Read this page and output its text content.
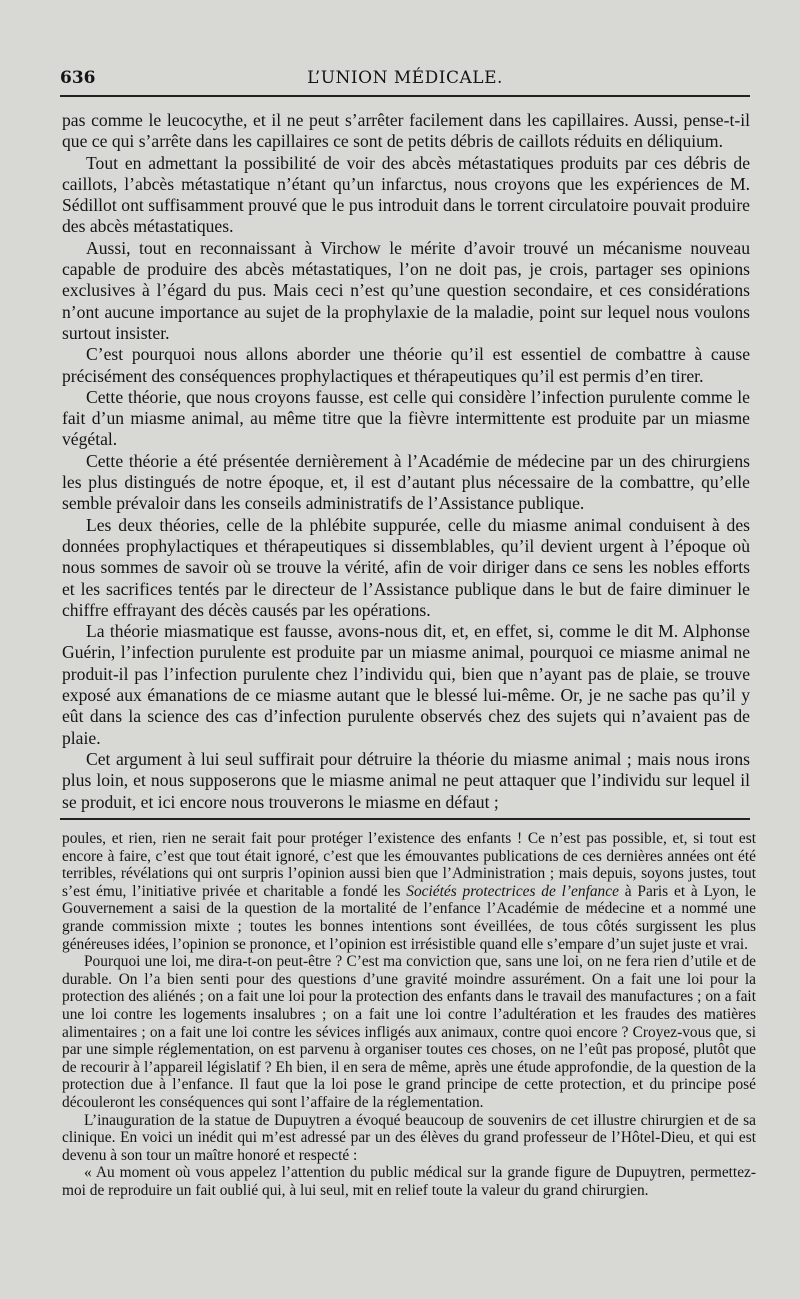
636	L’UNION MÉDICALE.

pas comme le leucocythe, et il ne peut s’arrêter facilement dans les capillaires. Aussi, pense-t-il que ce qui s’arrête dans les capillaires ce sont de petits débris de caillots réduits en déliquium.

Tout en admettant la possibilité de voir des abcès métastatiques produits par ces débris de caillots, l’abcès métastatique n’étant qu’un infarctus, nous croyons que les expériences de M. Sédillot ont suffisamment prouvé que le pus introduit dans le torrent circulatoire pouvait produire des abcès métastatiques.

Aussi, tout en reconnaissant à Virchow le mérite d’avoir trouvé un mécanisme nouveau capable de produire des abcès métastatiques, l’on ne doit pas, je crois, partager ses opinions exclusives à l’égard du pus. Mais ceci n’est qu’une question secondaire, et ces considérations n’ont aucune importance au sujet de la prophylaxie de la maladie, point sur lequel nous voulons surtout insister.

C’est pourquoi nous allons aborder une théorie qu’il est essentiel de combattre à cause précisément des conséquences prophylactiques et thérapeutiques qu’il est permis d’en tirer.

Cette théorie, que nous croyons fausse, est celle qui considère l’infection purulente comme le fait d’un miasme animal, au même titre que la fièvre intermittente est produite par un miasme végétal.

Cette théorie a été présentée dernièrement à l’Académie de médecine par un des chirurgiens les plus distingués de notre époque, et, il est d’autant plus nécessaire de la combattre, qu’elle semble prévaloir dans les conseils administratifs de l’Assistance publique.

Les deux théories, celle de la phlébite suppurée, celle du miasme animal conduisent à des données prophylactiques et thérapeutiques si dissemblables, qu’il devient urgent à l’époque où nous sommes de savoir où se trouve la vérité, afin de voir diriger dans ce sens les nobles efforts et les sacrifices tentés par le directeur de l’Assistance publique dans le but de faire diminuer le chiffre effrayant des décès causés par les opérations.

La théorie miasmatique est fausse, avons-nous dit, et, en effet, si, comme le dit M. Alphonse Guérin, l’infection purulente est produite par un miasme animal, pourquoi ce miasme animal ne produit-il pas l’infection purulente chez l’individu qui, bien que n’ayant pas de plaie, se trouve exposé aux émanations de ce miasme autant que le blessé lui-même. Or, je ne sache pas qu’il y eût dans la science des cas d’infection purulente observés chez des sujets qui n’avaient pas de plaie.

Cet argument à lui seul suffirait pour détruire la théorie du miasme animal ; mais nous irons plus loin, et nous supposerons que le miasme animal ne peut attaquer que l’individu sur lequel il se produit, et ici encore nous trouverons le miasme en défaut ;

poules, et rien, rien ne serait fait pour protéger l’existence des enfants ! Ce n’est pas possible, et, si tout est encore à faire, c’est que tout était ignoré, c’est que les émouvantes publications de ces dernières années ont été terribles, révélations qui ont surpris l’opinion aussi bien que l’Administration ; mais depuis, soyons justes, tout s’est ému, l’initiative privée et charitable a fondé les Sociétés protectrices de l’enfance à Paris et à Lyon, le Gouvernement a saisi de la question de la mortalité de l’enfance l’Académie de médecine et a nommé une grande commission mixte ; toutes les bonnes intentions sont éveillées, de tous côtés surgissent les plus généreuses idées, l’opinion se prononce, et l’opinion est irrésistible quand elle s’empare d’un sujet juste et vrai.

Pourquoi une loi, me dira-t-on peut-être ? C’est ma conviction que, sans une loi, on ne fera rien d’utile et de durable. On l’a bien senti pour des questions d’une gravité moindre assurément. On a fait une loi pour la protection des aliénés ; on a fait une loi pour la protection des enfants dans le travail des manufactures ; on a fait une loi contre les logements insalubres ; on a fait une loi contre l’adultération et les fraudes des matières alimentaires ; on a fait une loi contre les sévices infligés aux animaux, contre quoi encore ? Croyez-vous que, si par une simple réglementation, on est parvenu à organiser toutes ces choses, on ne l’eût pas proposé, plutôt que de recourir à l’appareil législatif ? Eh bien, il en sera de même, après une étude approfondie, de la question de la protection due à l’enfance. Il faut que la loi pose le grand principe de cette protection, et du principe posé découleront les conséquences qui sont l’affaire de la réglementation.

L’inauguration de la statue de Dupuytren a évoqué beaucoup de souvenirs de cet illustre chirurgien et de sa clinique. En voici un inédit qui m’est adressé par un des élèves du grand professeur de l’Hôtel-Dieu, et qui est devenu à son tour un maître honoré et respecté :

« Au moment où vous appelez l’attention du public médical sur la grande figure de Dupuytren, permettez-moi de reproduire un fait oublié qui, à lui seul, mit en relief toute la valeur du grand chirurgien.
